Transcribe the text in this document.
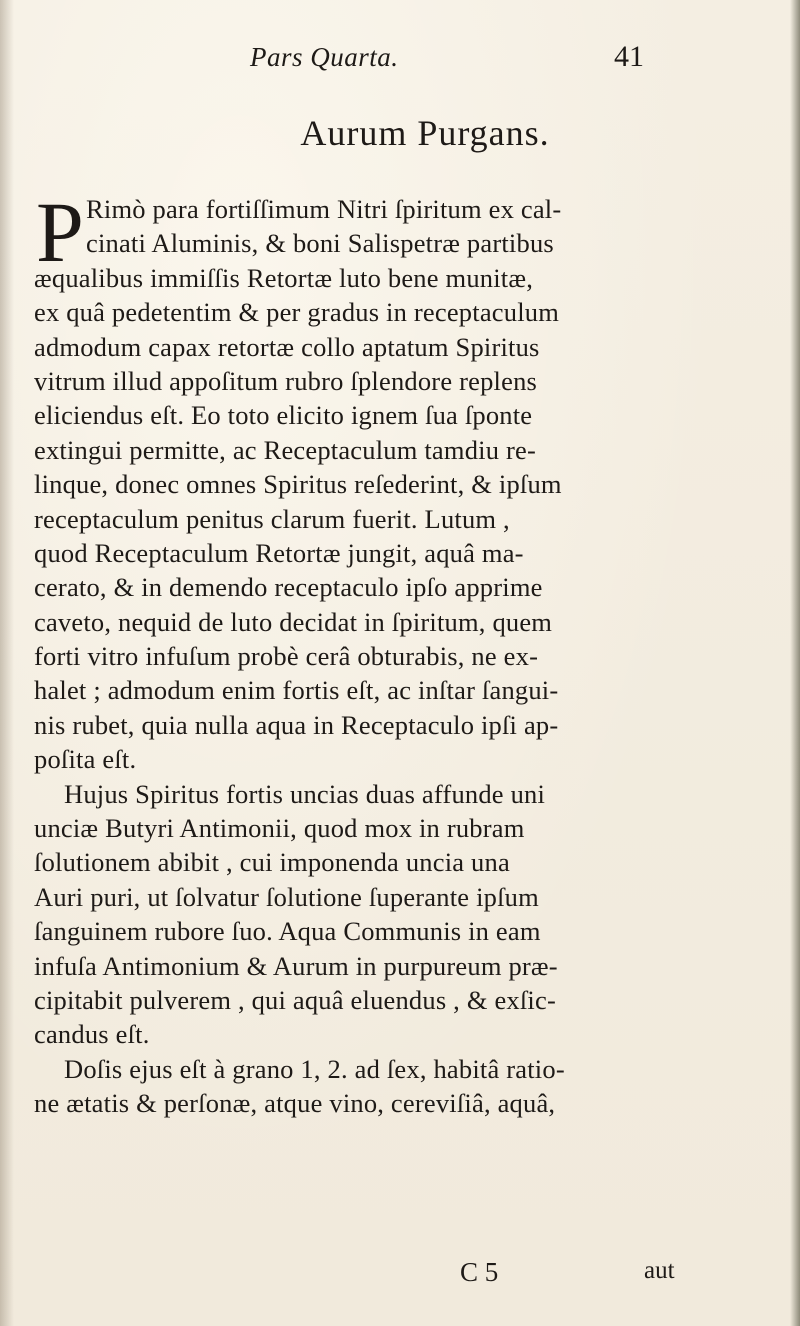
Pars Quarta.	41
Aurum Purgans.
P Rimò para fortiſſimum Nitri ſpiritum ex cal-
cinati Aluminis, & boni Salispetræ partibus
æqualibus immiſſis Retortæ luto bene munitæ,
ex quâ pedetentim & per gradus in receptaculum
admodum capax retortæ collo aptatum Spiritus
vitrum illud appoſitum rubro ſplendore replens
eliciendus eſt. Eo toto elicito ignem ſua ſponte
extingui permitte, ac Receptaculum tamdiu re-
linque, donec omnes Spiritus reſederint, & ipſum
receptaculum penitus clarum fuerit. Lutum ,
quod Receptaculum Retortæ jungit, aquâ ma-
cerato, & in demendo receptaculo ipſo apprime
caveto, nequid de luto decidat in ſpiritum, quem
forti vitro infuſum probè cerâ obturabis, ne ex-
halet ; admodum enim fortis eſt, ac inſtar ſangui-
nis rubet, quia nulla aqua in Receptaculo ipſi ap-
poſita eſt.
Hujus Spiritus fortis uncias duas affunde uni
unciæ Butyri Antimonii, quod mox in rubram
ſolutionem abibit , cui imponenda uncia una
Auri puri, ut ſolvatur ſolutione ſuperante ipſum
ſanguinem rubore ſuo. Aqua Communis in eam
infuſa Antimonium & Aurum in purpureum præ-
cipitabit pulverem , qui aquâ eluendus , & exſic-
candus eſt.
Doſis ejus eſt à grano 1, 2. ad ſex, habitâ ratio-
ne ætatis & perſonæ, atque vino, cereviſiâ, aquâ,
C 5	aut
